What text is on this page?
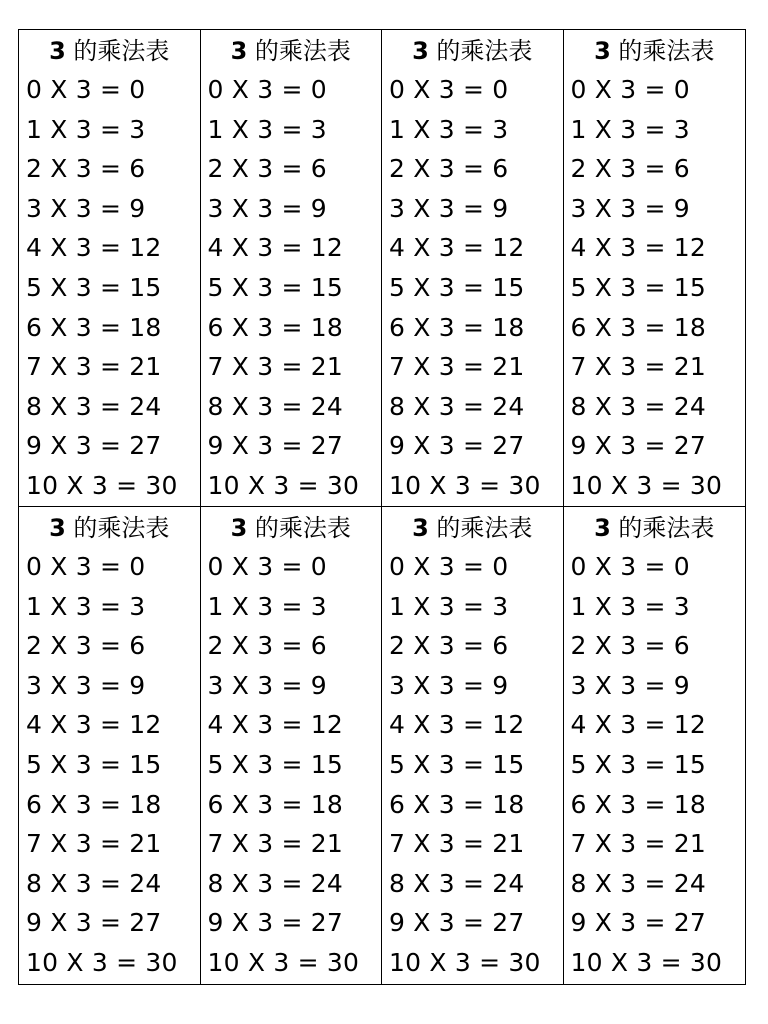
3 的乘法表
0 X 3 = 0
1 X 3 = 3
2 X 3 = 6
3 X 3 = 9
4 X 3 = 12
5 X 3 = 15
6 X 3 = 18
7 X 3 = 21
8 X 3 = 24
9 X 3 = 27
10 X 3 = 30
3 的乘法表
0 X 3 = 0
1 X 3 = 3
2 X 3 = 6
3 X 3 = 9
4 X 3 = 12
5 X 3 = 15
6 X 3 = 18
7 X 3 = 21
8 X 3 = 24
9 X 3 = 27
10 X 3 = 30
3 的乘法表
0 X 3 = 0
1 X 3 = 3
2 X 3 = 6
3 X 3 = 9
4 X 3 = 12
5 X 3 = 15
6 X 3 = 18
7 X 3 = 21
8 X 3 = 24
9 X 3 = 27
10 X 3 = 30
3 的乘法表
0 X 3 = 0
1 X 3 = 3
2 X 3 = 6
3 X 3 = 9
4 X 3 = 12
5 X 3 = 15
6 X 3 = 18
7 X 3 = 21
8 X 3 = 24
9 X 3 = 27
10 X 3 = 30
3 的乘法表
0 X 3 = 0
1 X 3 = 3
2 X 3 = 6
3 X 3 = 9
4 X 3 = 12
5 X 3 = 15
6 X 3 = 18
7 X 3 = 21
8 X 3 = 24
9 X 3 = 27
10 X 3 = 30
3 的乘法表
0 X 3 = 0
1 X 3 = 3
2 X 3 = 6
3 X 3 = 9
4 X 3 = 12
5 X 3 = 15
6 X 3 = 18
7 X 3 = 21
8 X 3 = 24
9 X 3 = 27
10 X 3 = 30
3 的乘法表
0 X 3 = 0
1 X 3 = 3
2 X 3 = 6
3 X 3 = 9
4 X 3 = 12
5 X 3 = 15
6 X 3 = 18
7 X 3 = 21
8 X 3 = 24
9 X 3 = 27
10 X 3 = 30
3 的乘法表
0 X 3 = 0
1 X 3 = 3
2 X 3 = 6
3 X 3 = 9
4 X 3 = 12
5 X 3 = 15
6 X 3 = 18
7 X 3 = 21
8 X 3 = 24
9 X 3 = 27
10 X 3 = 30
